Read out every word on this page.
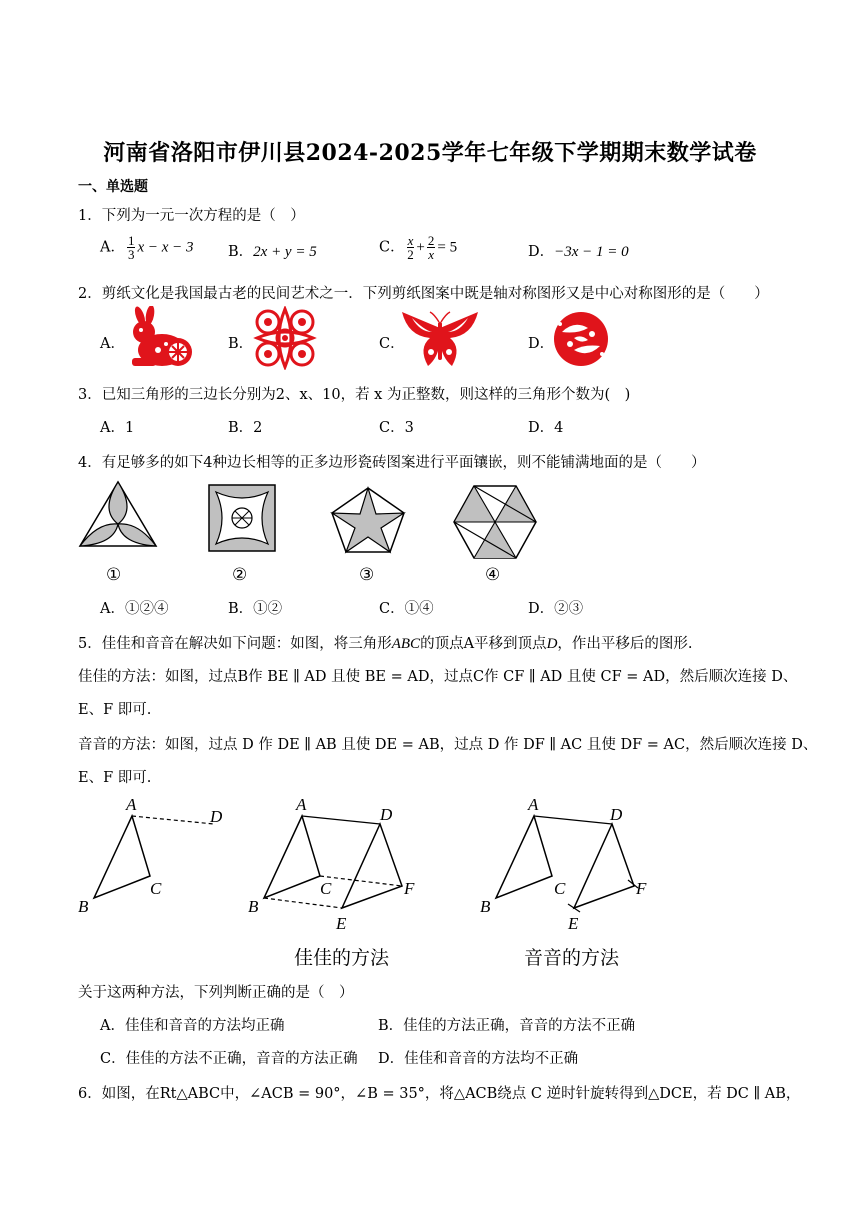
河南省洛阳市伊川县2024-2025学年七年级下学期期末数学试卷
一、单选题
1．下列为一元一次方程的是（　）
A． $\frac{1}{3}$ x − x − 3 B．2x + y = 5	C． $\frac{x}{2} + \frac{2}{x} = 5$	D．−3x − 1 = 0
2．剪纸文化是我国最古老的民间艺术之一．下列剪纸图案中既是轴对称图形又是中心对称图形的是（　　）
A．	B．	C．	D．
3．已知三角形的三边长分别为2、x、10，若 x 为正整数，则这样的三角形个数为(　)
A．1	B．2	C．3	D．4
4．有足够多的如下4种边长相等的正多边形瓷砖图案进行平面镶嵌，则不能铺满地面的是（　　）
①	②	③	④
A．①②④	B．①②	C．①④	D．②③
5．佳佳和音音在解决如下问题：如图，将三角形ABC的顶点A平移到顶点D，作出平移后的图形.
佳佳的方法：如图，过点B作 BE ∥ AD 且使 BE = AD，过点C作 CF ∥ AD 且使 CF = AD，然后顺次连接 D、
E、F 即可.
音音的方法：如图，过点 D 作 DE ∥ AB 且使 DE = AB，过点 D 作 DF ∥ AC 且使 DF = AC，然后顺次连接 D、
E、F 即可.
A
D
B
C
A
D
B
C
E
F
A
D
B
C
E
F
佳佳的方法	音音的方法
关于这两种方法，下列判断正确的是（　）
A．佳佳和音音的方法均正确	B．佳佳的方法正确，音音的方法不正确
C．佳佳的方法不正确，音音的方法正确 D．佳佳和音音的方法均不正确
6．如图，在Rt△ABC中，∠ACB = 90°，∠B = 35°，将△ACB绕点 C 逆时针旋转得到△DCE，若 DC ∥ AB，
